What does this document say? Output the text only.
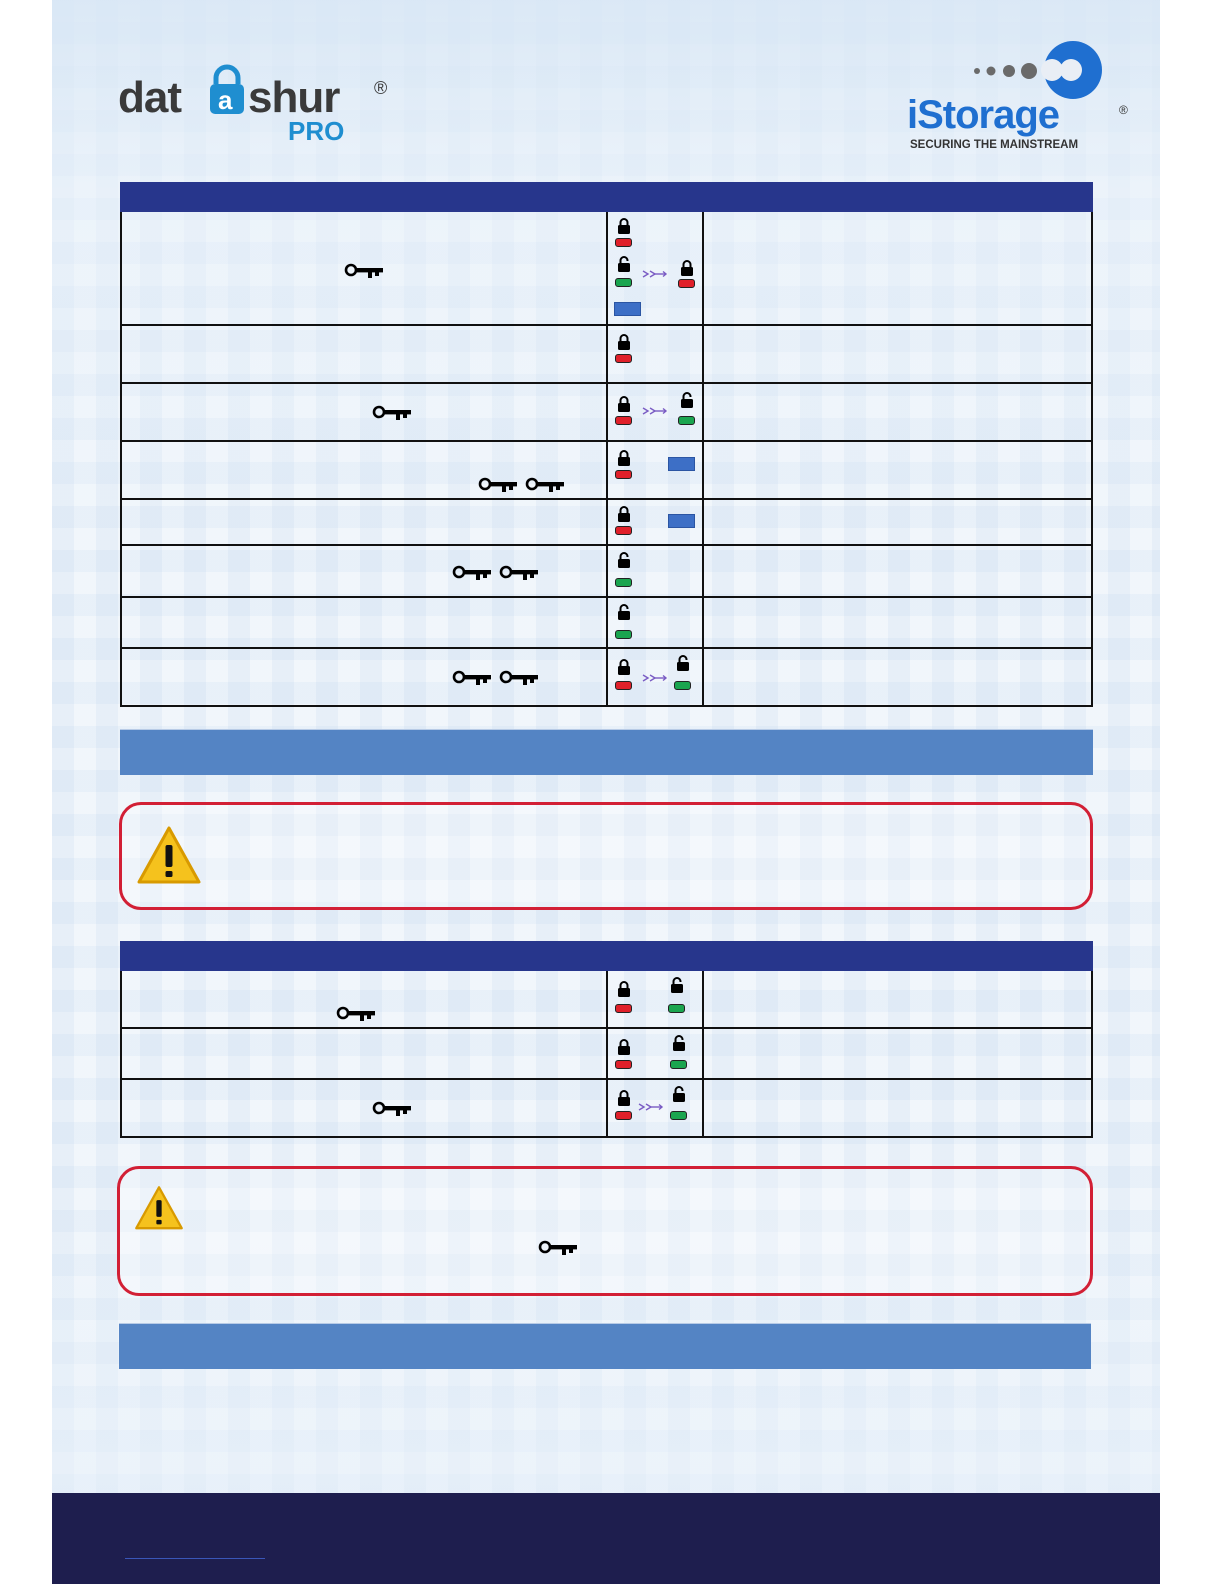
dat a shur ®
PRO	iStorage	®
SECURING THE MAINSTREAM
